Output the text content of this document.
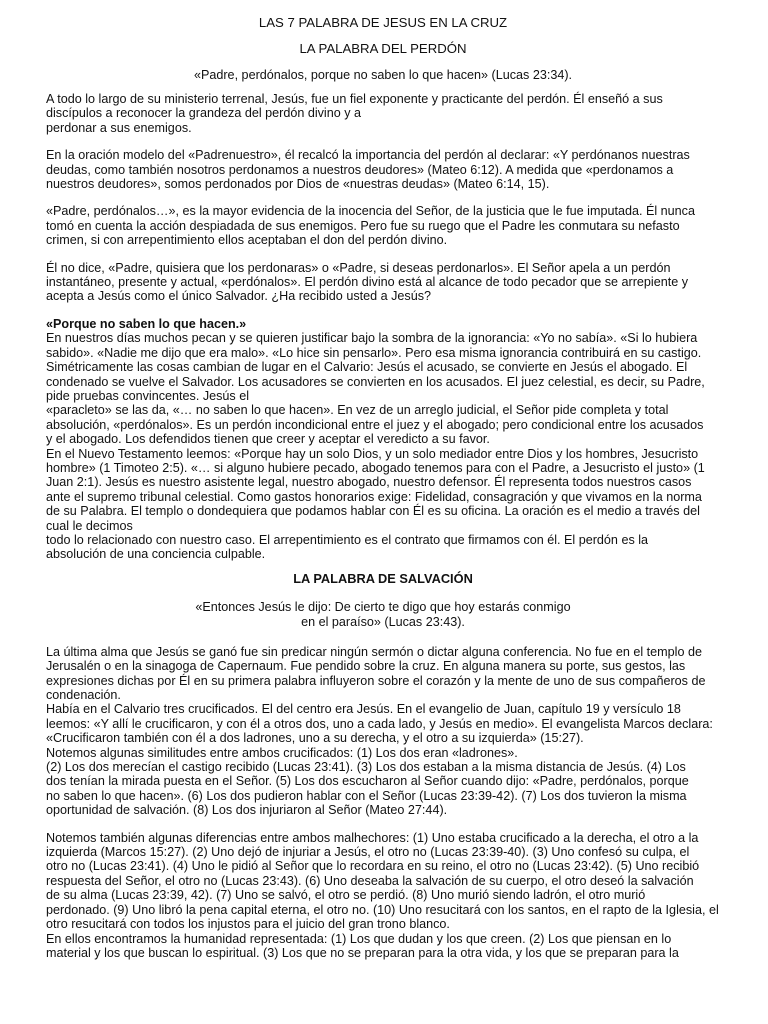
LAS 7 PALABRA DE JESUS EN LA CRUZ

LA PALABRA DEL PERDÓN

«Padre, perdónalos, porque no saben lo que hacen» (Lucas 23:34).

A todo lo largo de su ministerio terrenal, Jesús, fue un fiel exponente y practicante del perdón. Él enseñó a sus
discípulos a reconocer la grandeza del perdón divino y a
perdonar a sus enemigos.

En la oración modelo del «Padrenuestro», él recalcó la importancia del perdón al declarar: «Y perdónanos nuestras
deudas, como también nosotros perdonamos a nuestros deudores» (Mateo 6:12). A medida que «perdonamos a
nuestros deudores», somos perdonados por Dios de «nuestras deudas» (Mateo 6:14, 15).

«Padre, perdónalos…», es la mayor evidencia de la inocencia del Señor, de la justicia que le fue imputada. Él nunca
tomó en cuenta la acción despiadada de sus enemigos. Pero fue su ruego que el Padre les conmutara su nefasto
crimen, si con arrepentimiento ellos aceptaban el don del perdón divino.

Él no dice, «Padre, quisiera que los perdonaras» o «Padre, si deseas perdonarlos». El Señor apela a un perdón
instantáneo, presente y actual, «perdónalos». El perdón divino está al alcance de todo pecador que se arrepiente y
acepta a Jesús como el único Salvador. ¿Ha recibido usted a Jesús?

«Porque no saben lo que hacen.»

En nuestros días muchos pecan y se quieren justificar bajo la sombra de la ignorancia: «Yo no sabía». «Si lo hubiera
sabido». «Nadie me dijo que era malo». «Lo hice sin pensarlo». Pero esa misma ignorancia contribuirá en su castigo.
Simétricamente las cosas cambian de lugar en el Calvario: Jesús el acusado, se convierte en Jesús el abogado. El
condenado se vuelve el Salvador. Los acusadores se convierten en los acusados. El juez celestial, es decir, su Padre,
pide pruebas convincentes. Jesús el
«paracleto» se las da, «… no saben lo que hacen». En vez de un arreglo judicial, el Señor pide completa y total
absolución, «perdónalos». Es un perdón incondicional entre el juez y el abogado; pero condicional entre los acusados
y el abogado. Los defendidos tienen que creer y aceptar el veredicto a su favor.
En el Nuevo Testamento leemos: «Porque hay un solo Dios, y un solo mediador entre Dios y los hombres, Jesucristo
hombre» (1 Timoteo 2:5). «… si alguno hubiere pecado, abogado tenemos para con el Padre, a Jesucristo el justo» (1
Juan 2:1). Jesús es nuestro asistente legal, nuestro abogado, nuestro defensor. Él representa todos nuestros casos
ante el supremo tribunal celestial. Como gastos honorarios exige: Fidelidad, consagración y que vivamos en la norma
de su Palabra. El templo o dondequiera que podamos hablar con Él es su oficina. La oración es el medio a través del
cual le decimos
todo lo relacionado con nuestro caso. El arrepentimiento es el contrato que firmamos con él. El perdón es la
absolución de una conciencia culpable.

LA PALABRA DE SALVACIÓN

«Entonces Jesús le dijo: De cierto te digo que hoy estarás conmigo
en el paraíso» (Lucas 23:43).

La última alma que Jesús se ganó fue sin predicar ningún sermón o dictar alguna conferencia. No fue en el templo de
Jerusalén o en la sinagoga de Capernaum. Fue pendido sobre la cruz. En alguna manera su porte, sus gestos, las
expresiones dichas por Él en su primera palabra influyeron sobre el corazón y la mente de uno de sus compañeros de
condenación.
Había en el Calvario tres crucificados. El del centro era Jesús. En el evangelio de Juan, capítulo 19 y versículo 18
leemos: «Y allí le crucificaron, y con él a otros dos, uno a cada lado, y Jesús en medio». El evangelista Marcos declara:
«Crucificaron también con él a dos ladrones, uno a su derecha, y el otro a su izquierda» (15:27).
Notemos algunas similitudes entre ambos crucificados: (1) Los dos eran «ladrones».
(2) Los dos merecían el castigo recibido (Lucas 23:41). (3) Los dos estaban a la misma distancia de Jesús. (4) Los
dos tenían la mirada puesta en el Señor. (5) Los dos escucharon al Señor cuando dijo: «Padre, perdónalos, porque
no saben lo que hacen». (6) Los dos pudieron hablar con el Señor (Lucas 23:39-42). (7) Los dos tuvieron la misma
oportunidad de salvación. (8) Los dos injuriaron al Señor (Mateo 27:44).

Notemos también algunas diferencias entre ambos malhechores: (1) Uno estaba crucificado a la derecha, el otro a la
izquierda (Marcos 15:27). (2) Uno dejó de injuriar a Jesús, el otro no (Lucas 23:39-40). (3) Uno confesó su culpa, el
otro no (Lucas 23:41). (4) Uno le pidió al Señor que lo recordara en su reino, el otro no (Lucas 23:42). (5) Uno recibió
respuesta del Señor, el otro no (Lucas 23:43). (6) Uno deseaba la salvación de su cuerpo, el otro deseó la salvación
de su alma (Lucas 23:39, 42). (7) Uno se salvó, el otro se perdió. (8) Uno murió siendo ladrón, el otro murió
perdonado. (9) Uno libró la pena capital eterna, el otro no. (10) Uno resucitará con los santos, en el rapto de la Iglesia, el
otro resucitará con todos los injustos para el juicio del gran trono blanco.
En ellos encontramos la humanidad representada: (1) Los que dudan y los que creen. (2) Los que piensan en lo
material y los que buscan lo espiritual. (3) Los que no se preparan para la otra vida, y los que se preparan para la
